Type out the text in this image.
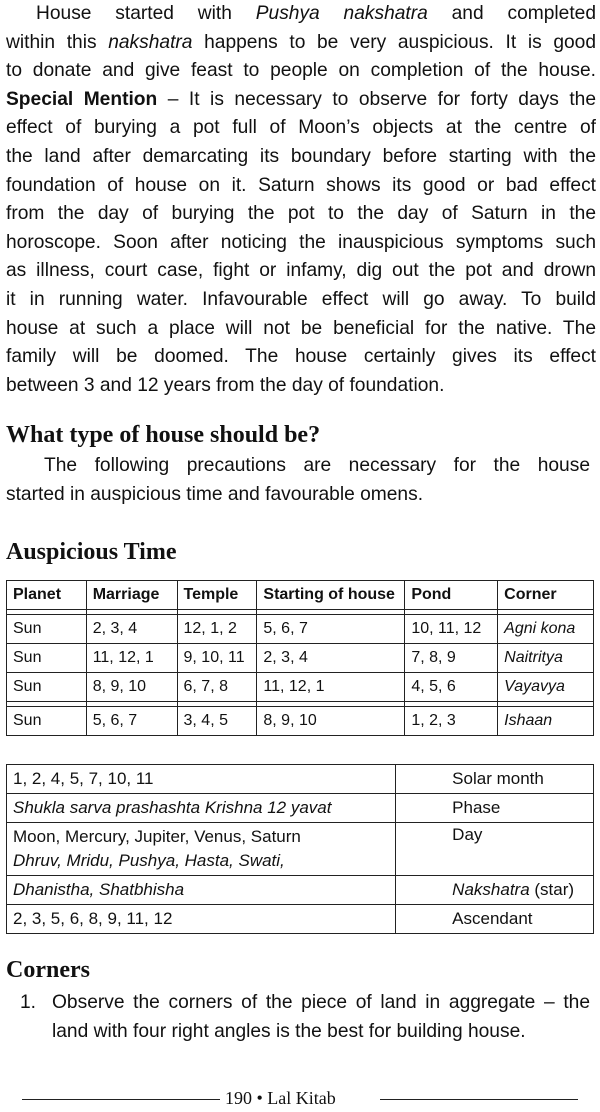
House started with Pushya nakshatra and completed
within this nakshatra happens to be very auspicious. It is good
to donate and give feast to people on completion of the house.
Special Mention – It is necessary to observe for forty days the
effect of burying a pot full of Moon’s objects at the centre of
the land after demarcating its boundary before starting with the
foundation of house on it. Saturn shows its good or bad effect
from the day of burying the pot to the day of Saturn in the
horoscope. Soon after noticing the inauspicious symptoms such
as illness, court case, fight or infamy, dig out the pot and drown
it in running water. Infavourable effect will go away. To build
house at such a place will not be beneficial for the native. The
family will be doomed. The house certainly gives its effect
between 3 and 12 years from the day of foundation.
What type of house should be?
The following precautions are necessary for the house
started in auspicious time and favourable omens.
Auspicious Time
Planet	Marriage	Temple	Starting of house	Pond	Corner

Sun	2, 3, 4	12, 1, 2	5, 6, 7	10, 11, 12	Agni kona
Sun	11, 12, 1	9, 10, 11	2, 3, 4	7, 8, 9	Naitritya
Sun	8, 9, 10	6, 7, 8	11, 12, 1	4, 5, 6	Vayavya

Sun	5, 6, 7	3, 4, 5	8, 9, 10	1, 2, 3	Ishaan
1, 2, 4, 5, 7, 10, 11	Solar month
Shukla sarva prashashta Krishna 12 yavat	Phase
Moon, Mercury, Jupiter, Venus, Saturn
Dhruv, Mridu, Pushya, Hasta, Swati,	Day
Dhanistha, Shatbhisha	Nakshatra (star)
2, 3, 5, 6, 8, 9, 11, 12	Ascendant
Corners
1. Observe the corners of the piece of land in aggregate – the
land with four right angles is the best for building house.
190 • Lal Kitab
